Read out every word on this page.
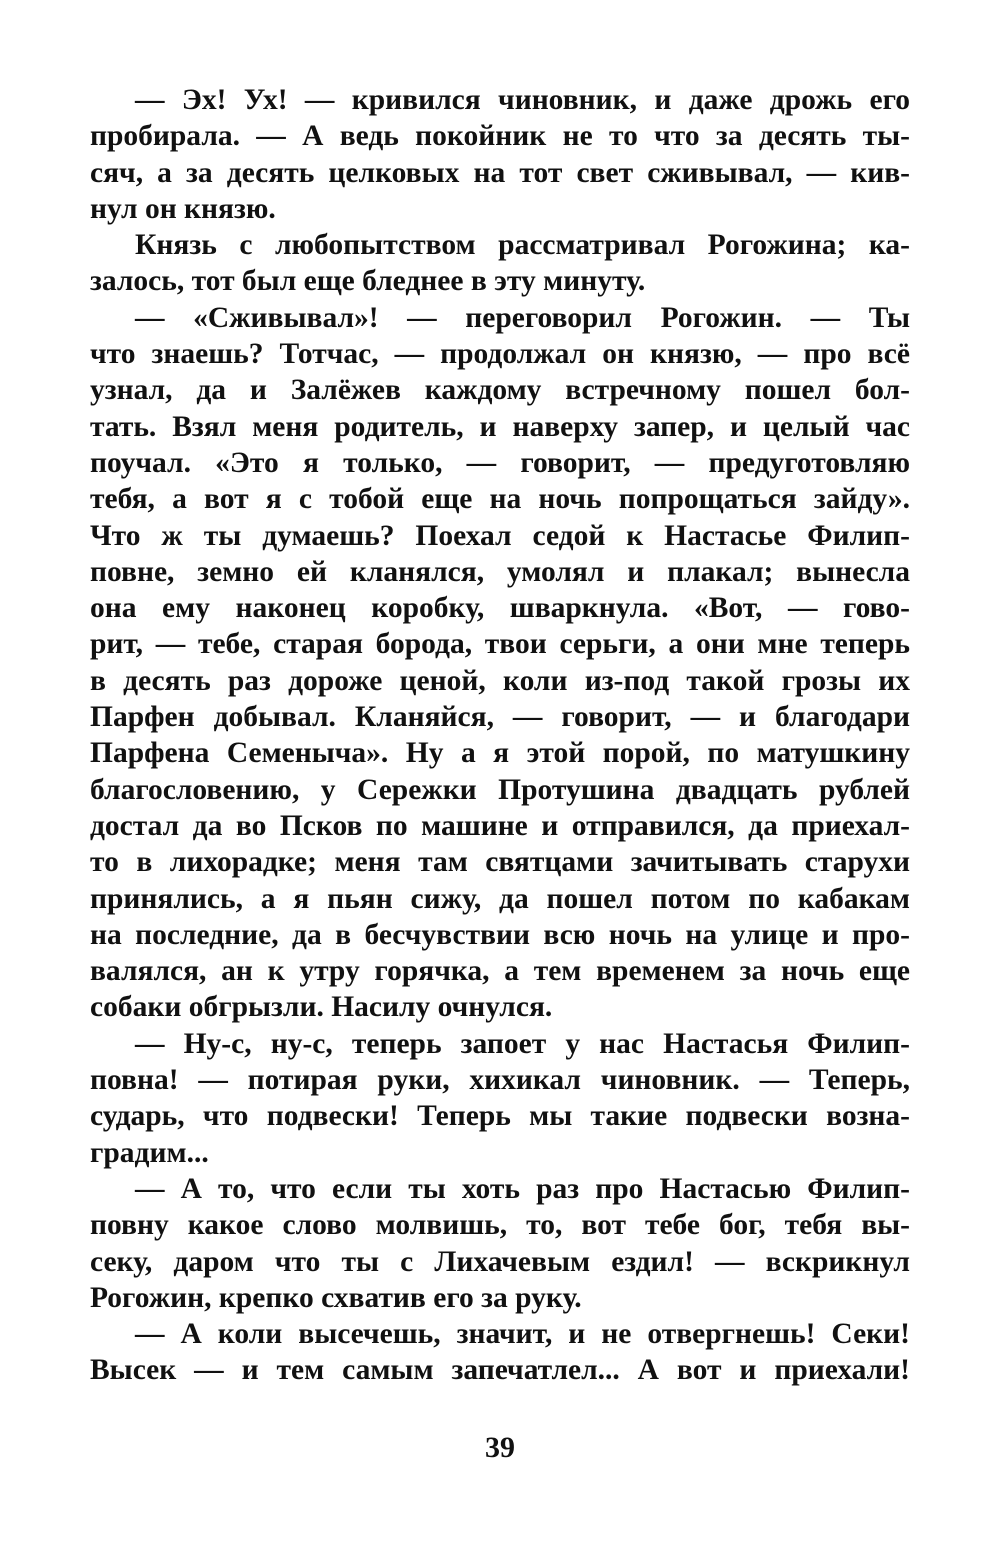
— Эх! Ух! — кривился чиновник, и даже дрожь его
пробирала. — А ведь покойник не то что за десять ты-
сяч, а за десять целковых на тот свет сживывал, — кив-
нул он князю.
Князь с любопытством рассматривал Рогожина; ка-
залось, тот был еще бледнее в эту минуту.
— «Сживывал»! — переговорил Рогожин. — Ты
что знаешь? Тотчас, — продолжал он князю, — про всё
узнал, да и Залёжев каждому встречному пошел бол-
тать. Взял меня родитель, и наверху запер, и целый час
поучал. «Это я только, — говорит, — предуготовляю
тебя, а вот я с тобой еще на ночь попрощаться зайду».
Что ж ты думаешь? Поехал седой к Настасье Филип-
повне, земно ей кланялся, умолял и плакал; вынесла
она ему наконец коробку, шваркнула. «Вот, — гово-
рит, — тебе, старая борода, твои серьги, а они мне теперь
в десять раз дороже ценой, коли из-под такой грозы их
Парфен добывал. Кланяйся, — говорит, — и благодари
Парфена Семеныча». Ну а я этой порой, по матушкину
благословению, у Сережки Протушина двадцать рублей
достал да во Псков по машине и отправился, да приехал-
то в лихорадке; меня там святцами зачитывать старухи
принялись, а я пьян сижу, да пошел потом по кабакам
на последние, да в бесчувствии всю ночь на улице и про-
валялся, ан к утру горячка, а тем временем за ночь еще
собаки обгрызли. Насилу очнулся.
— Ну-с, ну-с, теперь запоет у нас Настасья Филип-
повна! — потирая руки, хихикал чиновник. — Теперь,
сударь, что подвески! Теперь мы такие подвески возна-
градим...
— А то, что если ты хоть раз про Настасью Филип-
повну какое слово молвишь, то, вот тебе бог, тебя вы-
секу, даром что ты с Лихачевым ездил! — вскрикнул
Рогожин, крепко схватив его за руку.
— А коли высечешь, значит, и не отвергнешь! Секи!
Высек — и тем самым запечатлел... А вот и приехали!
39
